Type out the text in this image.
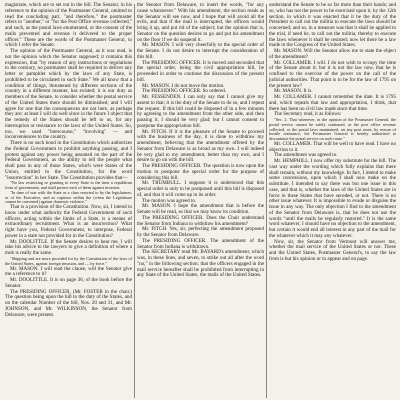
magistrate, which are to set out in the bill. The Senator, in his reference to the opinion of the Postmaster General, omitted to read the concluding part, "and therefore," the postmaster refers to "another," or "for the Post Office revenue collected," and such, as the postal laws enumerated, or the consent of the mails prevented and revenue it delivered to the proper officer." These are the words of the Postmaster General, to which I refer the Senate.

The opinion of the Postmaster General, as it was read, is not the opinion which the Senator supposed; it contains this expression, that "by reason of any instructions or regulations to the contrary, no postmaster shall be required to deliver any letter or pamphlet which by the laws of any State, is prohibited to be circulated in such State." We all know that a condition of things, threatened by different sections of the country in a different manner, has existed; it is our duty as members of the Senate, to consider whether the postal service of the United States there should be diminished; and I will agree for one that the consequences are not here, as perhaps they are; at least I will do well since in the future I object that the remedy of the States should be left to us, for any interruption or resistance to the laws of the United States. So, too, we used "intercourse," "involving" — and inconveniences to the country.

There is no such bond in the Constitution which authorizes the Federal Government to prohibit anything passing, and I protest against any power being assumed on the part of the Federal Government, as the ability to tell the people what shall pass in any of those States, which were States of the Union, entitled to the Constitution, for the word "insurrection" in her State. The Constitution provides that—

"No law restricting or granting to every State to the time a republican form of government, and shall protect each of them against invasion.

"In time of war with the State as a class resorted to by the legislatures, or of the Executive, and as captious within the (when the Legislature cannot be convened) against domestic violence."

That is a provision of the Constitution. Now, sir, I intend to know under what authority the Federal Government of such officers, acting within the limits of a State, is a means of extraordinary recruitment. What is an insurrection? What right have you, Federal Government, to interpose, Federal power in a state not provided for in the Constitution?

Mr. DOOLITTLE. If the Senate desires to hear me, I will take his advice to the lawyers to give a definition of where a mob is really the same.

"Shipping and are more provided for by the Constitution of the laws of the United States, against foreign invasion, and — by force."

Mr. MASON. I will read the clause, will the Senator give me a reference to it?

Mr. DOOLITTLE. It is on page 36, of the book before the Senator.

The PRESIDING OFFICER, (Mr. FOSTER in the chair.) The question being upon the bill to the duty of the States, and on the calendar Number of the bill, Nos. 20 and 31, and Mr. JOHNSON, and Mr. WILKINSON, the Senator from Delaware, were present.

the Senator from Delaware, to insert the words, "for any cause whatsoever." With his amendment, the section reads as the Senator will see now, and I hope that will avoid all the evils, and that if the mail is interrupted, the officers would bring it up, and put rid of the subject; but the opinion that is, Senator on the question desires to go and put his amendment on the floor if we do suspend it.

Mr. MASON. I will very cheerfully to the special order of the Senate. I do not desire to interrupt the consideration of this bill.

The PRESIDING OFFICER. It is moved and seconded that the special order, being the civil appropriation bill, be proceeded in order to continue the discussion of the present bill.

Mr. MASON. I do not move the motion.

The PRESIDING OFFICER. So ordered.

Mr. FESSENDEN. I can only say that I cannot give my assent to that; it is the duty of the Senate to do so, and I repeat the request. If this bill could be disposed of in a few minutes by agreeing to the amendment from the other side, and then passing it, I should be very glad; but I cannot consent to postpone the appropriation bill.

Mr. FITCH. If it is the pleasure of the Senate to proceed with the business of the day, it is done to withdraw my amendment, believing that the amendment offered by the Senator from Delaware is as broad as my own. I will indeed be very glad to my amendment, better than my own, and I desire to go on with the bill.

The PRESIDING OFFICER. The question is now upon the motion to postpone the special order for the purpose of considering this bill.

Mr. TRUMBULL. I suppose it is understood that this special order is only to be postponed until this bill is disposed of, and that it will come up in its order.

The motion was agreed to.

Mr. MASON. I hope the amendment that is before the Senate will be read, so that we may know its condition.

The PRESIDING OFFICER. Does the Chair understand the Senator from Indiana to withdraw his amendment?

Mr. FITCH. Yes, sir, perfecting the amendment proposed by the Senator from Delaware.

The PRESIDING OFFICER. The amendment of the Senator from Indiana is withdrawn.

The SECRETARY read Mr. BAYARD's amendment, which was, in these lines, and seven, to strike out all after the word "no," in the following section: that the officers engaged in the mail service hereafter shall be prohibited from interrupting in any State of the United States, the mails of the United States.

understand the Senate to be so far more than their hands; and so, who has not the power to be exercised upon it, by the 12th section, in which it was enacted that it be the duty of the President to call out the militia to execute the laws should be concerned; and so, in a measure was that it shall be applied to the trial, if need be, to call out the militia, thereby to execute the laws whenever it shall be resisted; now let there be a law made in the Congress of the United States.

Mr. MASON. Will the Senator allow me to state the object of the amendment?

Mr. COLLAMER. I will. I do not wish to occupy the time of the Senate about it; but it is not the law now, that he is confined to the exercise of the power on the call of the judicial authorities. That point is to be for the law of 1795 on the present law?

Mr. MASON. It is.

Mr. COLLAMER. I cannot remember the date. It is 1795 and, which repeals that law and appropriation, I think, that there has been no civil law made since that time.

The Secretary read, it as follows:

"Sec. 2. That whenever, in the opinion of the Postmaster General, the postal service cannot be safely continued, or the post office revenue collected, or the postal laws maintained, on any post route, by reason of hostile resistance, the Postmaster General is hereby authorized to discontinue the postal service on such route."

Mr. COLLAMER. That will be well to have read. I have no objection to it.

The amendment was agreed to.

Mr. HEMPHILL. I now offer my substitute for the bill. The vast way under the wording which fully explains that there shall remain, without my knowledge. In fact, I intend to make some concessions, upon which I shall now make on the substitute. I intended to say there was but one issue in this case, and that is, whether the laws of the United States are in force in these States that have seceded, or not. There is no other issue whatever. It is impossible to evade or disguise the issue in any way. The only objection I find to the amendment of the Senator from Delaware is, that he does not use the words "until the mails be regularly restored." It is the same word whatever, I should have no objection to the amendment, but certain it would end all interest in any part of the mail for the whatever which it may any whatever.

Now, sir, the Senator from Vermont will answer me, whether the mail service of the United States or not. These and the United States, Postmaster General's, to say the law from is but his opinion or to appear and on page.
